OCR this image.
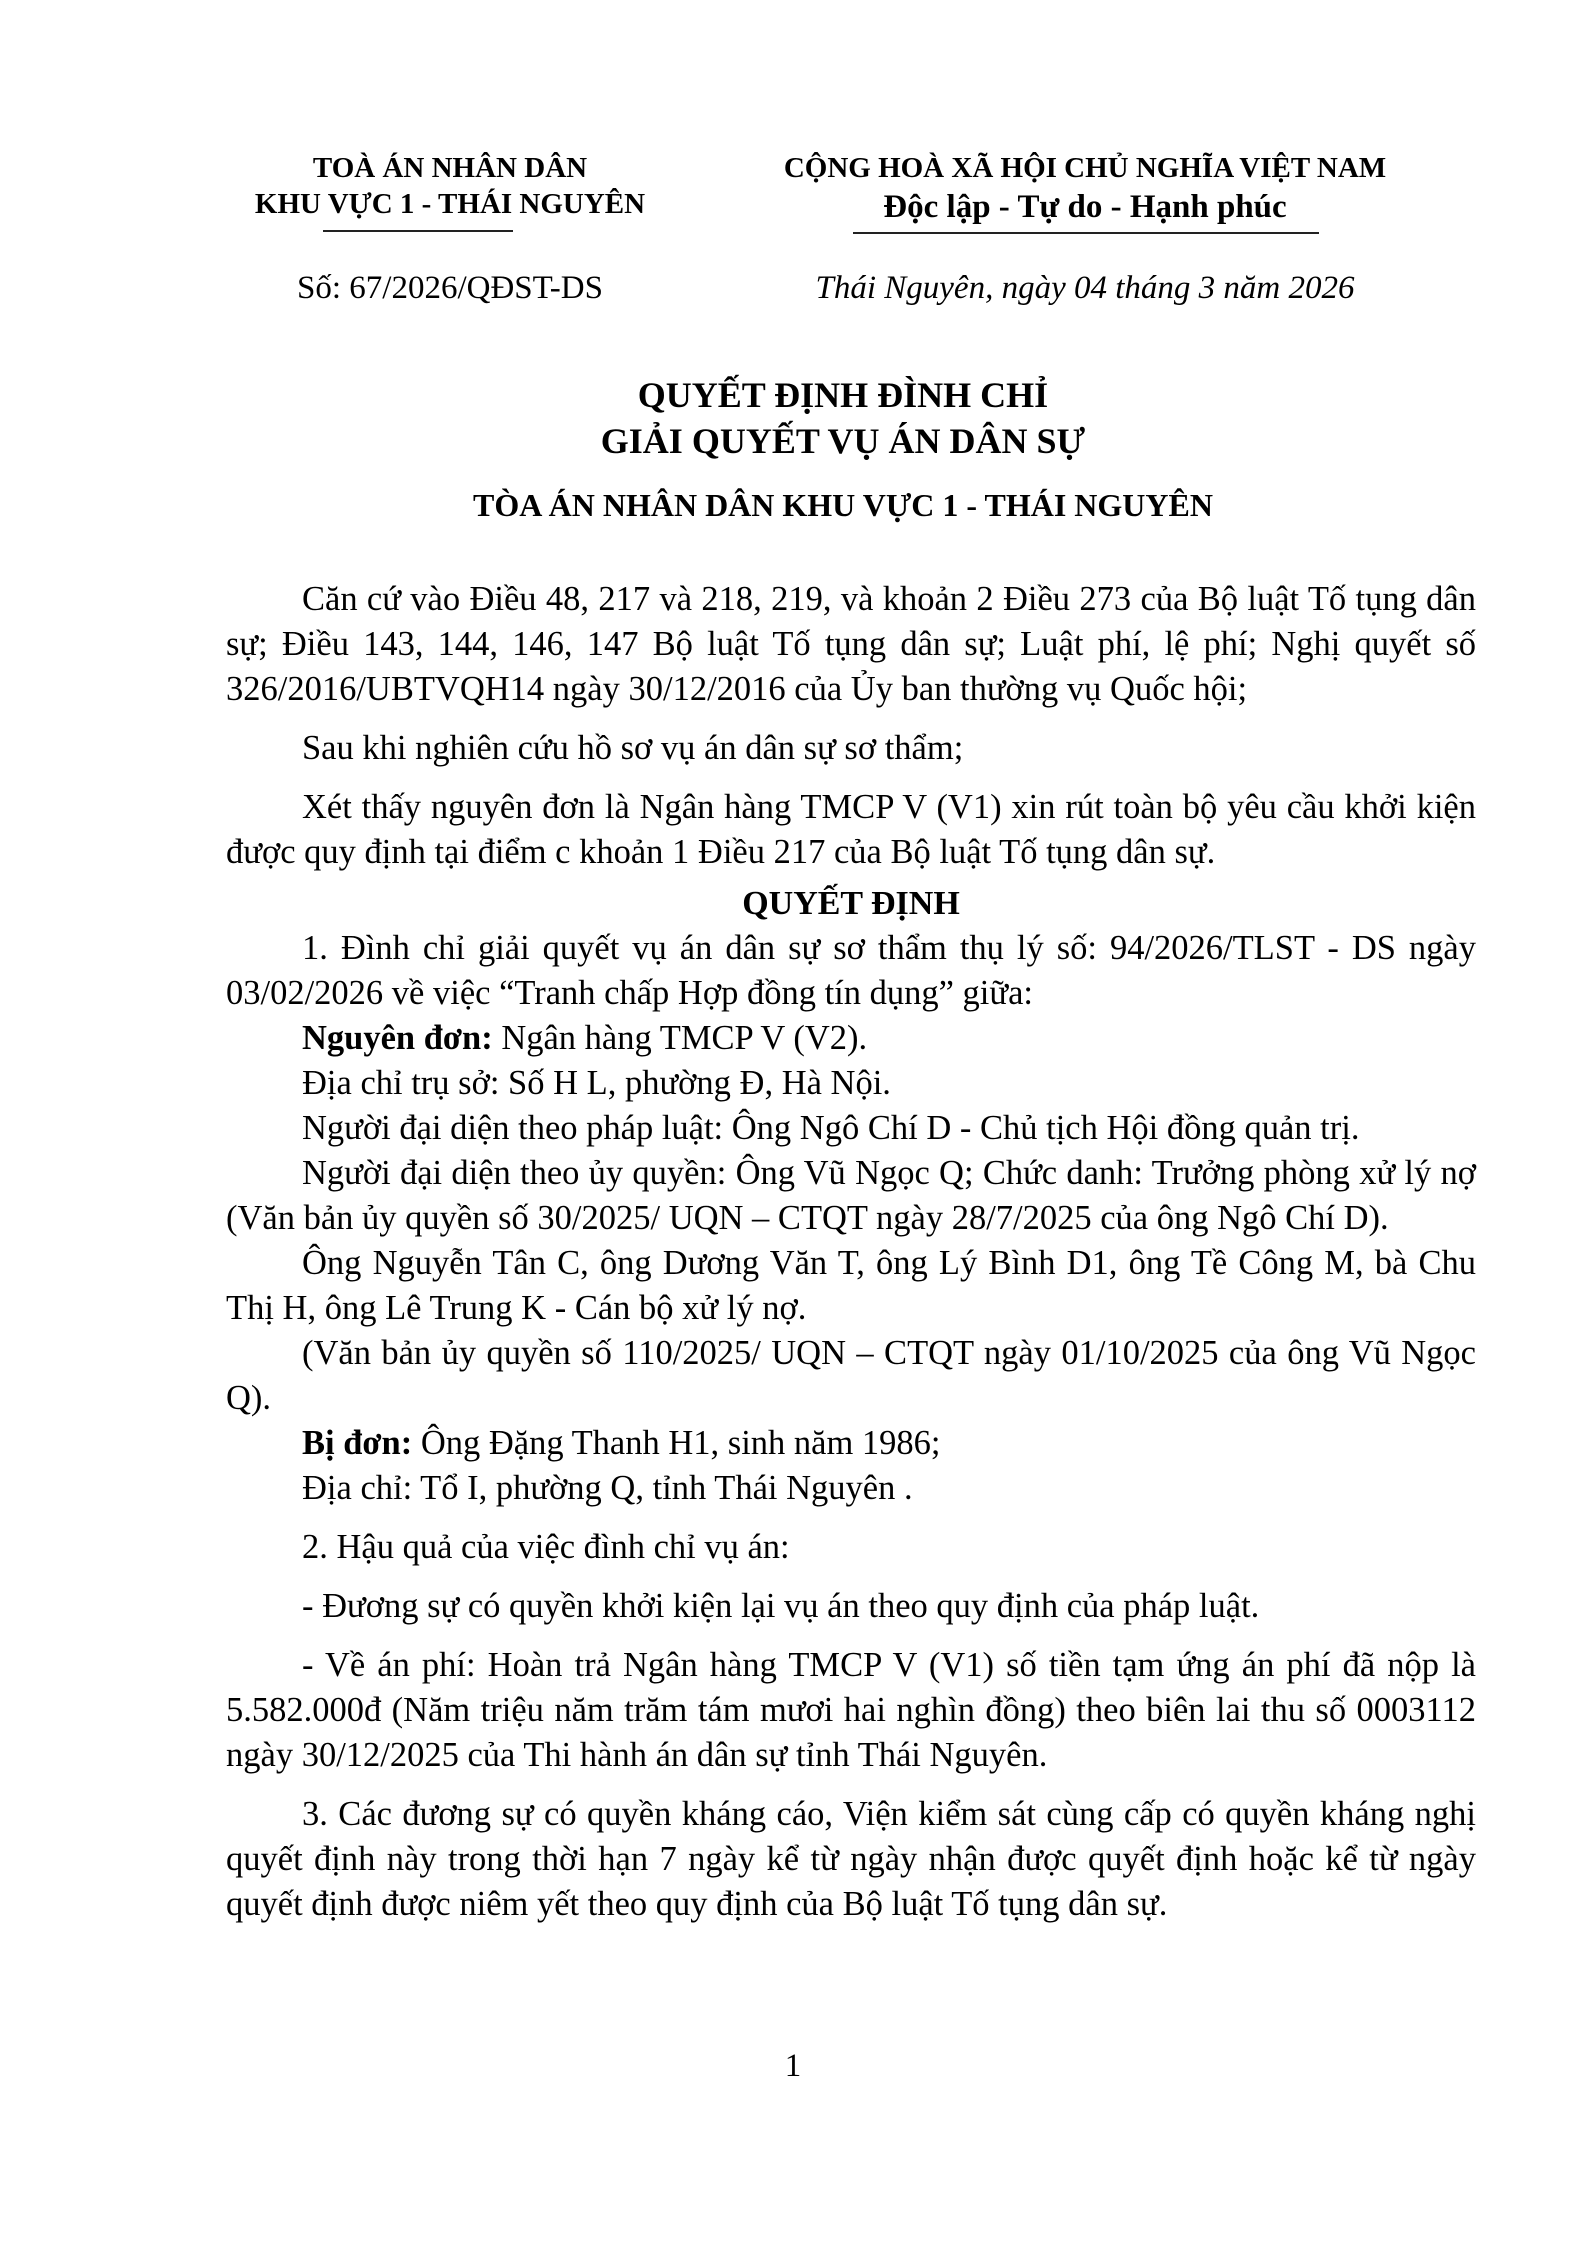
TOÀ ÁN NHÂN DÂN
KHU VỰC 1 - THÁI NGUYÊN
CỘNG HOÀ XÃ HỘI CHỦ NGHĨA VIỆT NAM
Độc lập - Tự do - Hạnh phúc
Số: 67/2026/QĐST-DS	Thái Nguyên, ngày 04 tháng 3 năm 2026
QUYẾT ĐỊNH ĐÌNH CHỈ
GIẢI QUYẾT VỤ ÁN DÂN SỰ
TÒA ÁN NHÂN DÂN KHU VỰC 1 - THÁI NGUYÊN

Căn cứ vào Điều 48, 217 và 218, 219, và khoản 2 Điều 273 của Bộ luật Tố tụng dân sự; Điều 143, 144, 146, 147 Bộ luật Tố tụng dân sự; Luật phí, lệ phí; Nghị quyết số 326/2016/UBTVQH14 ngày 30/12/2016 của Ủy ban thường vụ Quốc hội;

Sau khi nghiên cứu hồ sơ vụ án dân sự sơ thẩm;

Xét thấy nguyên đơn là Ngân hàng TMCP V (V1) xin rút toàn bộ yêu cầu khởi kiện được quy định tại điểm c khoản 1 Điều 217 của Bộ luật Tố tụng dân sự.

QUYẾT ĐỊNH

1. Đình chỉ giải quyết vụ án dân sự sơ thẩm thụ lý số: 94/2026/TLST - DS ngày 03/02/2026 về việc “Tranh chấp Hợp đồng tín dụng” giữa:

Nguyên đơn: Ngân hàng TMCP V (V2).

Địa chỉ trụ sở: Số H L, phường Đ, Hà Nội.

Người đại diện theo pháp luật: Ông Ngô Chí D - Chủ tịch Hội đồng quản trị.

Người đại diện theo ủy quyền: Ông Vũ Ngọc Q; Chức danh: Trưởng phòng xử lý nợ (Văn bản ủy quyền số 30/2025/ UQN – CTQT ngày 28/7/2025 của ông Ngô Chí D).

Ông Nguyễn Tân C, ông Dương Văn T, ông Lý Bình D1, ông Tề Công M, bà Chu Thị H, ông Lê Trung K - Cán bộ xử lý nợ.

(Văn bản ủy quyền số 110/2025/ UQN – CTQT ngày 01/10/2025 của ông Vũ Ngọc Q).

Bị đơn: Ông Đặng Thanh H1, sinh năm 1986;

Địa chỉ: Tổ I, phường Q, tỉnh Thái Nguyên .

2. Hậu quả của việc đình chỉ vụ án:

- Đương sự có quyền khởi kiện lại vụ án theo quy định của pháp luật.

- Về án phí: Hoàn trả Ngân hàng TMCP V (V1) số tiền tạm ứng án phí đã nộp là 5.582.000đ (Năm triệu năm trăm tám mươi hai nghìn đồng) theo biên lai thu số 0003112 ngày 30/12/2025 của Thi hành án dân sự tỉnh Thái Nguyên.

3. Các đương sự có quyền kháng cáo, Viện kiểm sát cùng cấp có quyền kháng nghị quyết định này trong thời hạn 7 ngày kể từ ngày nhận được quyết định hoặc kể từ ngày quyết định được niêm yết theo quy định của Bộ luật Tố tụng dân sự.

1
